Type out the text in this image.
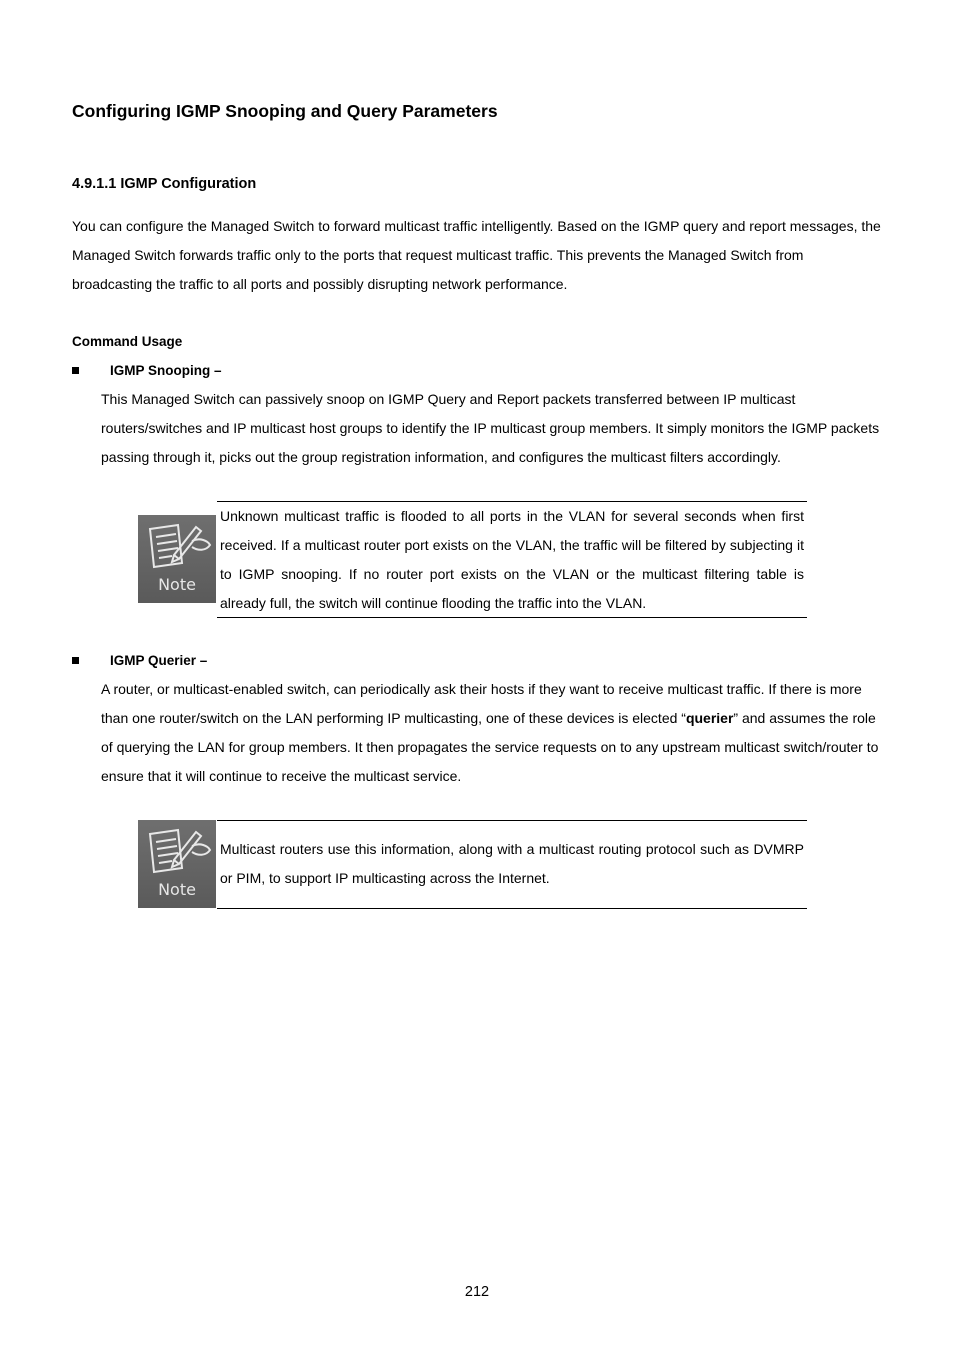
Configuring IGMP Snooping and Query Parameters
4.9.1.1 IGMP Configuration

You can configure the Managed Switch to forward multicast traffic intelligently. Based on the IGMP query and report messages, the Managed Switch forwards traffic only to the ports that request multicast traffic. This prevents the Managed Switch from broadcasting the traffic to all ports and possibly disrupting network performance.

Command Usage
IGMP Snooping –

This Managed Switch can passively snoop on IGMP Query and Report packets transferred between IP multicast routers/switches and IP multicast host groups to identify the IP multicast group members. It simply monitors the IGMP packets passing through it, picks out the group registration information, and configures the multicast filters accordingly.

Note

Unknown multicast traffic is flooded to all ports in the VLAN for several seconds when first received. If a multicast router port exists on the VLAN, the traffic will be filtered by subjecting it to IGMP snooping. If no router port exists on the VLAN or the multicast filtering table is already full, the switch will continue flooding the traffic into the VLAN.

IGMP Querier –

A router, or multicast-enabled switch, can periodically ask their hosts if they want to receive multicast traffic. If there is more than one router/switch on the LAN performing IP multicasting, one of these devices is elected “querier” and assumes the role of querying the LAN for group members. It then propagates the service requests on to any upstream multicast switch/router to ensure that it will continue to receive the multicast service.

Note

Multicast routers use this information, along with a multicast routing protocol such as DVMRP or PIM, to support IP multicasting across the Internet.

212
